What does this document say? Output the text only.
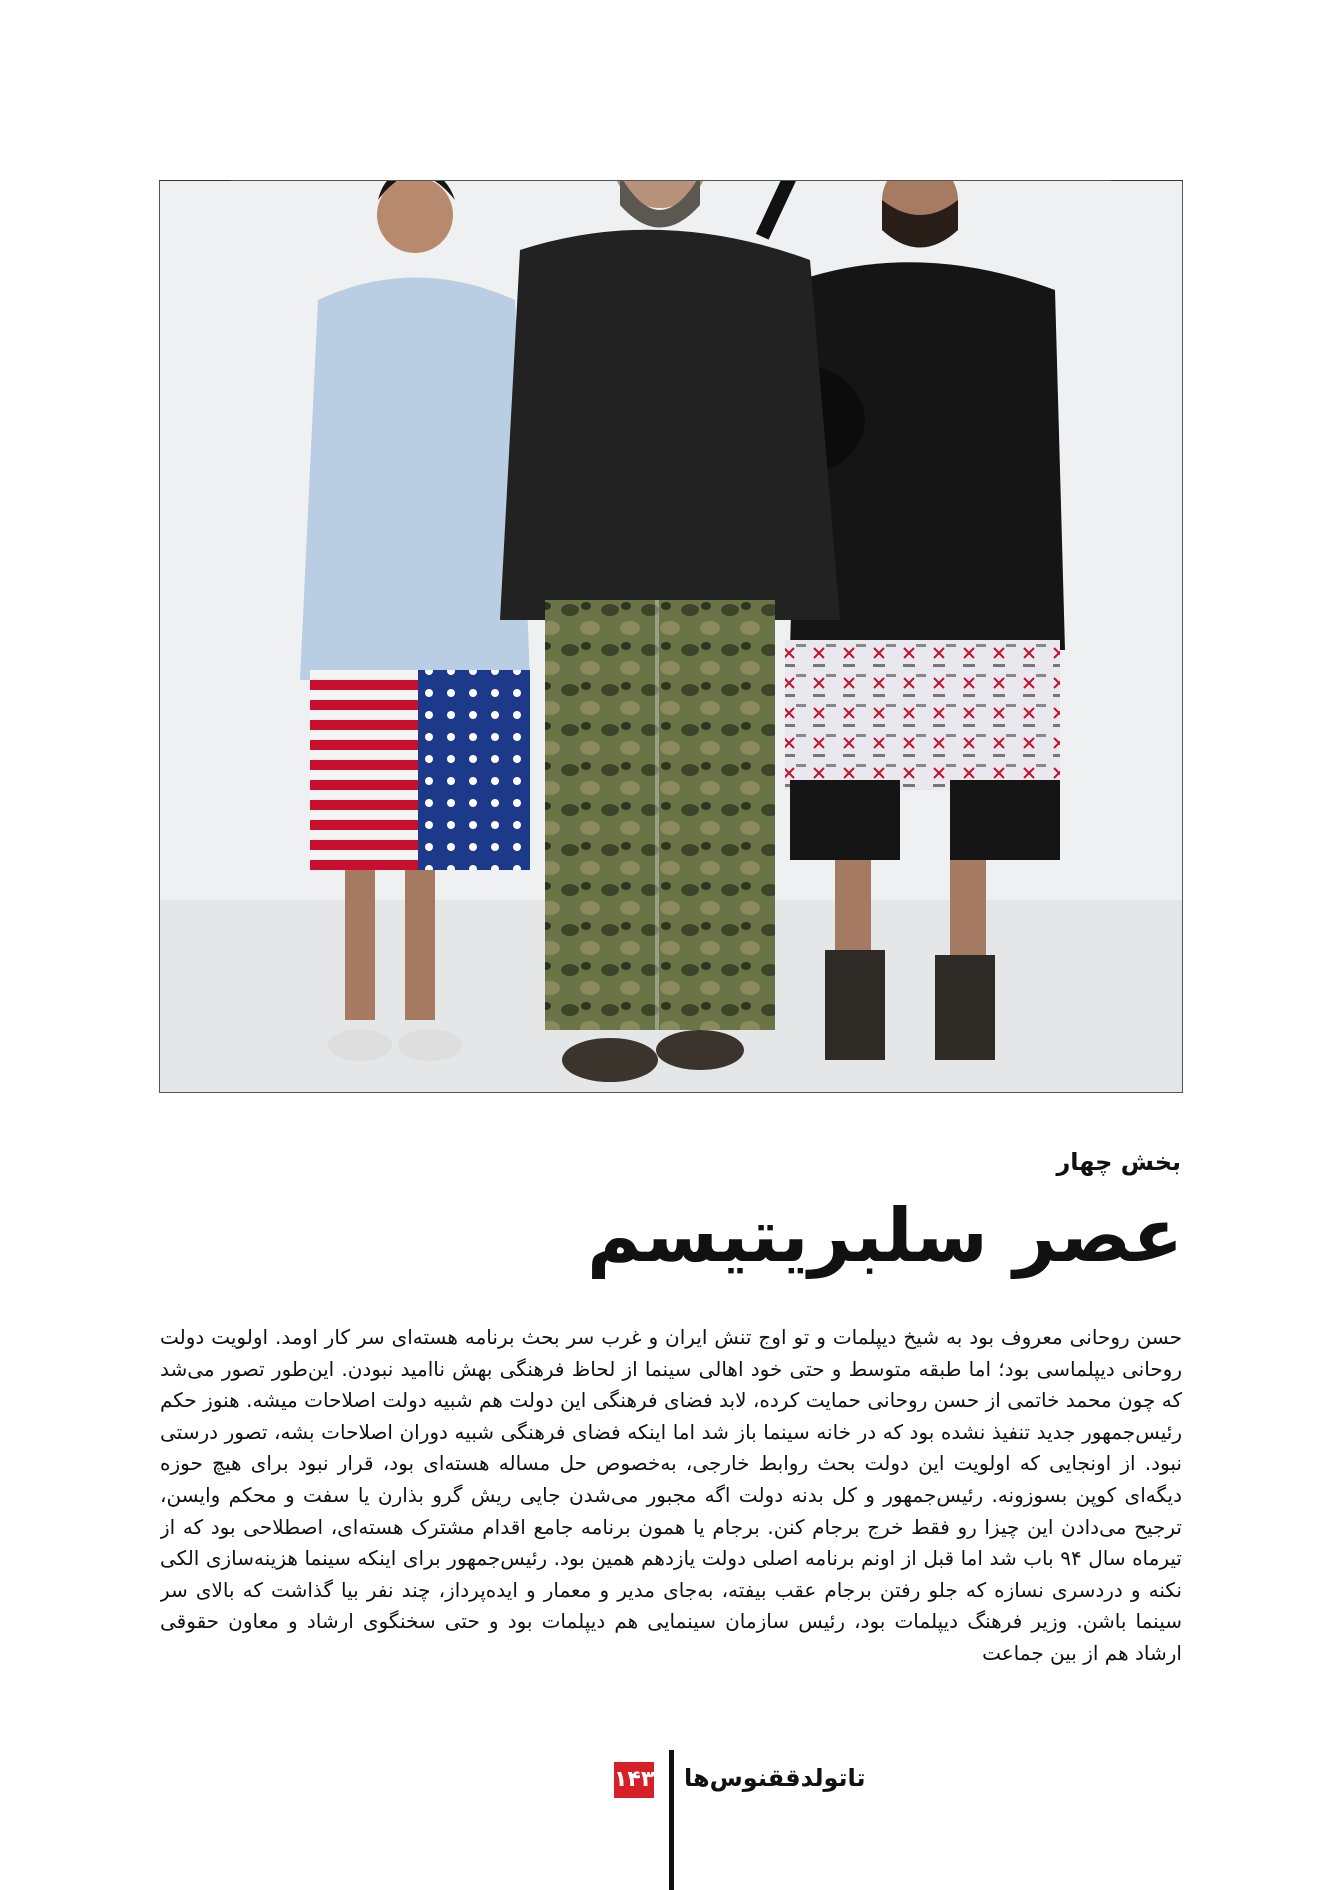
بخش چهار
عصر سلبریتیسم
حسن روحانی معروف بود به شیخ دیپلمات و تو اوج تنش ایران و غرب سر بحث برنامه هسته‌ای سر کار اومد. اولویت دولت روحانی دیپلماسی بود؛ اما طبقه متوسط و حتی خود اهالی سینما از لحاظ فرهنگی بهش ناامید نبودن. این‌طور تصور می‌شد که چون محمد خاتمی از حسن روحانی حمایت کرده، لابد فضای فرهنگی این دولت هم شبیه دولت اصلاحات میشه. هنوز حکم رئیس‌جمهور جدید تنفیذ نشده بود که در خانه سینما باز شد اما اینکه فضای فرهنگی شبیه دوران اصلاحات بشه، تصور درستی نبود. از اونجایی که اولویت این دولت بحث روابط خارجی، به‌خصوص حل مساله هسته‌ای بود، قرار نبود برای هیچ حوزه دیگه‌ای کوپن بسوزونه. رئیس‌جمهور و کل بدنه دولت اگه مجبور می‌شدن جایی ریش گرو بذارن یا سفت و محکم وایسن، ترجیح می‌دادن این چیزا رو فقط خرج برجام کنن. برجام یا همون برنامه جامع اقدام مشترک هسته‌ای، اصطلاحی بود که از تیرماه سال ۹۴ باب شد اما قبل از اونم برنامه اصلی دولت یازدهم همین بود. رئیس‌جمهور برای اینکه سینما هزینه‌سازی الکی نکنه و دردسری نسازه که جلو رفتن برجام عقب بیفته، به‌جای مدیر و معمار و ایده‌پرداز، چند نفر بیا گذاشت که بالای سر سینما باشن. وزیر فرهنگ دیپلمات بود، رئیس سازمان سینمایی هم دیپلمات بود و حتی سخنگوی ارشاد و معاون حقوقی ارشاد هم از بین جماعت
۱۴۳ تاتولدققنوس‌ها
